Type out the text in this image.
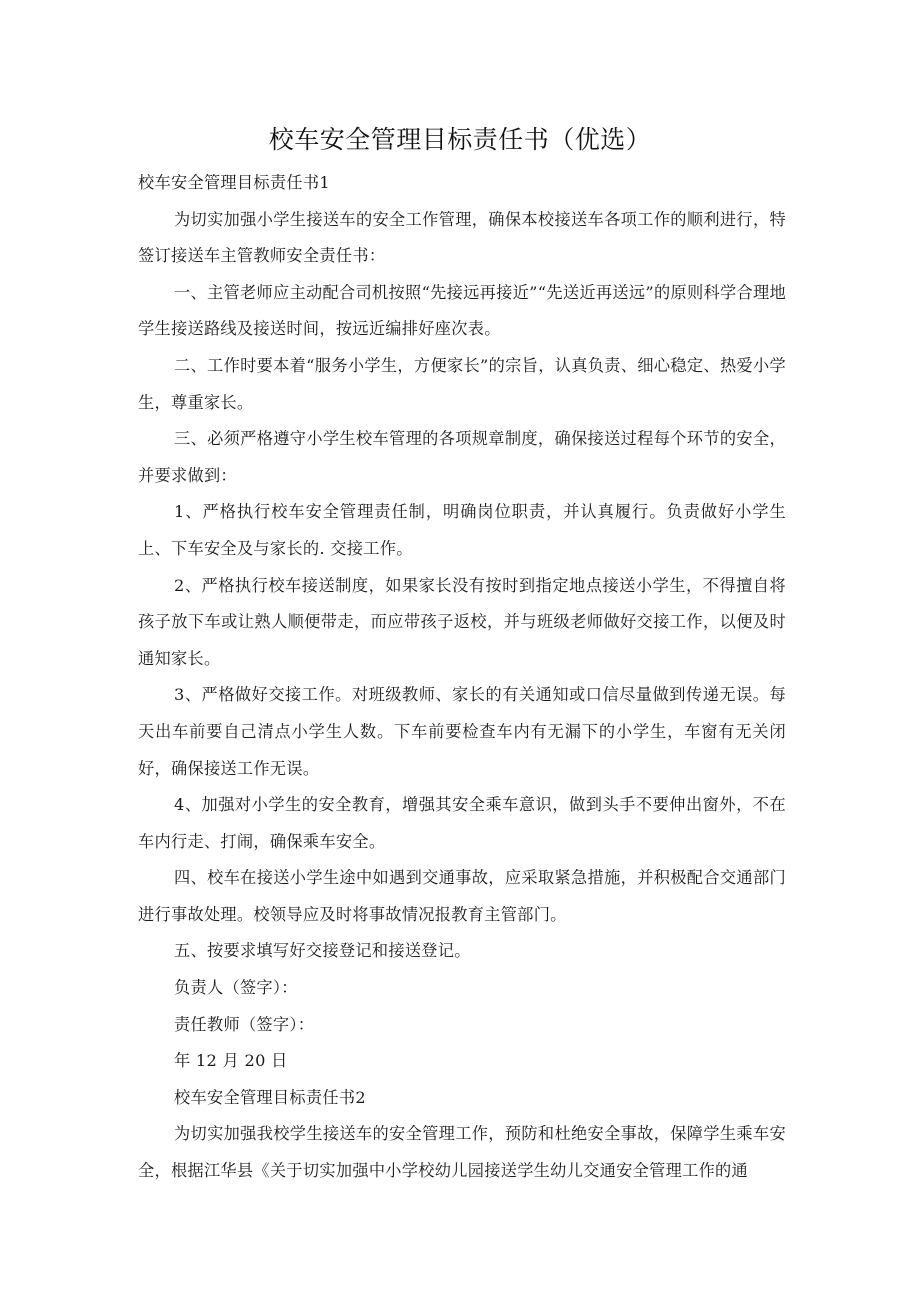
校车安全管理目标责任书（优选）

校车安全管理目标责任书1

为切实加强小学生接送车的安全工作管理，确保本校接送车各项工作的顺利进行，特签订接送车主管教师安全责任书：

一、主管老师应主动配合司机按照“先接远再接近”“先送近再送远”的原则科学合理地学生接送路线及接送时间，按远近编排好座次表。

二、工作时要本着“服务小学生，方便家长”的宗旨，认真负责、细心稳定、热爱小学生，尊重家长。

三、必须严格遵守小学生校车管理的各项规章制度，确保接送过程每个环节的安全，并要求做到：

1、严格执行校车安全管理责任制，明确岗位职责，并认真履行。负责做好小学生上、下车安全及与家长的. 交接工作。

2、严格执行校车接送制度，如果家长没有按时到指定地点接送小学生，不得擅自将孩子放下车或让熟人顺便带走，而应带孩子返校，并与班级老师做好交接工作，以便及时通知家长。

3、严格做好交接工作。对班级教师、家长的有关通知或口信尽量做到传递无误。每天出车前要自己清点小学生人数。下车前要检查车内有无漏下的小学生，车窗有无关闭好，确保接送工作无误。

4、加强对小学生的安全教育，增强其安全乘车意识，做到头手不要伸出窗外，不在车内行走、打闹，确保乘车安全。

四、校车在接送小学生途中如遇到交通事故，应采取紧急措施，并积极配合交通部门进行事故处理。校领导应及时将事故情况报教育主管部门。

五、按要求填写好交接登记和接送登记。

负责人（签字）：

责任教师（签字）：

年 12 月 20 日

校车安全管理目标责任书2

为切实加强我校学生接送车的安全管理工作，预防和杜绝安全事故，保障学生乘车安全，根据江华县《关于切实加强中小学校幼儿园接送学生幼儿交通安全管理工作的通
